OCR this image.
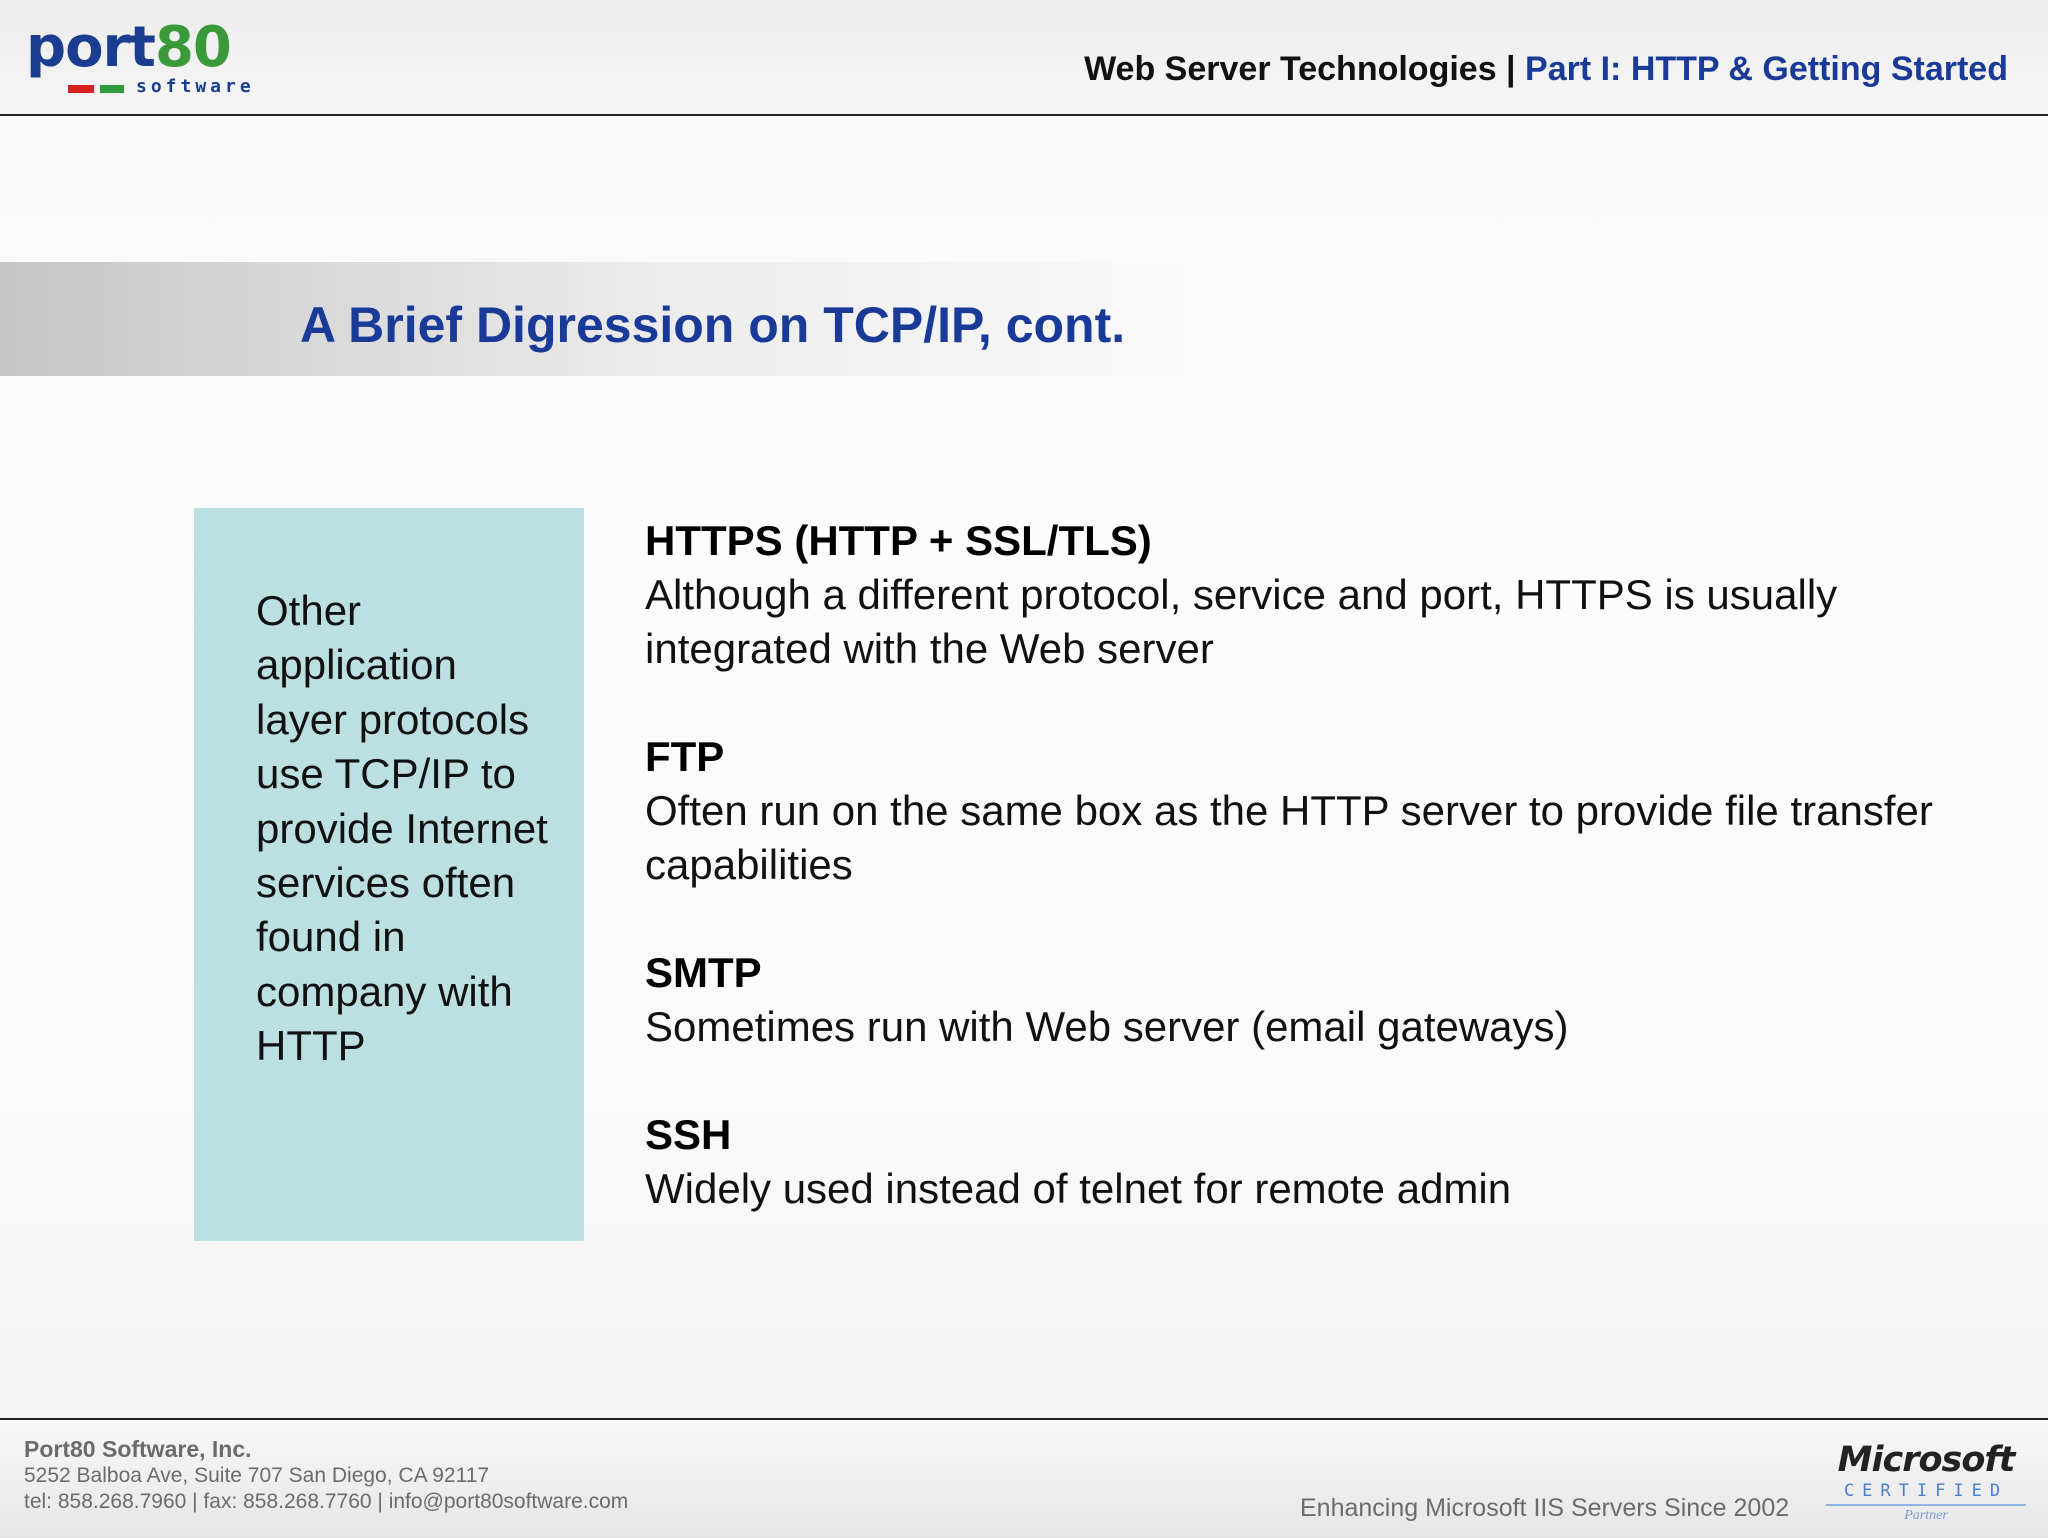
port80
software	Web Server Technologies | Part I: HTTP & Getting Started
A Brief Digression on TCP/IP, cont.
Other application layer protocols use TCP/IP to provide Internet services often found in company with HTTP
HTTPS (HTTP + SSL/TLS)
Although a different protocol, service and port, HTTPS is usually integrated with the Web server
FTP
Often run on the same box as the HTTP server to provide file transfer capabilities
SMTP
Sometimes run with Web server (email gateways)
SSH
Widely used instead of telnet for remote admin
Port80 Software, Inc.
5252 Balboa Ave, Suite 707 San Diego, CA 92117
tel: 858.268.7960 | fax: 858.268.7760 | info@port80software.com	Enhancing Microsoft IIS Servers Since 2002
Microsoft
CERTIFIED
Partner
